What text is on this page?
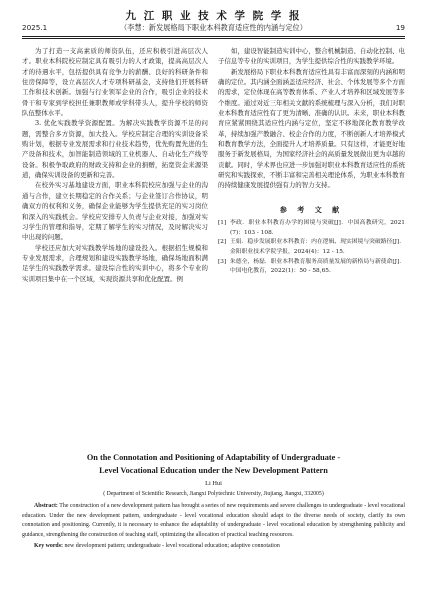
九 江 职 业 技 术 学 院 学 报
2025.1	（李慧：新发展格局下职业本科教育适应性的内涵与定位）	19

为了打造一支高素质的师资队伍，还应积极引进高层次人才。职业本科院校应制定具有吸引力的人才政策，提高高层次人才的待遇水平，包括提供具有竞争力的薪酬、良好的科研条件和住房保障等，设立高层次人才专项科研基金，支持他们开展科研工作和技术创新。加强与行业领军企业的合作，吸引企业的技术骨干和专家到学校担任兼职教师或学科带头人，提升学校的师资队伍整体水平。

3. 优化实践教学资源配置。为解决实践教学资源不足的问题，需整合多方资源，加大投入。学校应制定合理的实训设备采购计划，根据专业发展需求和行业技术趋势，优先购置先进的生产设备和技术，加智能制造领域的工业机器人、自动化生产线等设备。积极争取政府的财政支持和企业的捐赠，拓宽资金来源渠道，确保实训设备的更新和完善。

在校外实习基地建设方面，职业本科院校应加强与企业的沟通与合作，建立长期稳定的合作关系；与企业签订合作协议，明确双方的权利和义务，确保企业能够为学生提供充足的实习岗位和深入的实践机会。学校应安排专人负责与企业对接，加强对实习学生的管理和指导，定期了解学生的实习情况，及时解决实习中出现的问题。

学校还应加大对实践教学场地的建设投入。根据招生规模和专业发展需求，合理规划和建设实践教学场地，确保场地面积满足学生的实践教学需求。建设综合性的实训中心，将多个专业的实训项目集中在一个区域，实现资源共享和优化配置。例

如，建设智能制造实训中心，整合机械制造、自动化控制、电子信息等专业的实训项目，为学生提供综合性的实践教学环境。

新发展格局下职业本科教育适应性具有丰富而深刻的内涵和明确的定位。其内涵全面涵盖适应经济、社会、个体发展等多个方面的需求，定位体现在高等教育体系、产业人才培养和区域发展等多个维度。通过对近三年相关文献的系统梳理与深入分析，我们对职业本科教育适应性有了更为清晰、准确的认识。未来，职业本科教育应紧紧围绕其适应性内涵与定位，坚定不移地深化教育教学改革，持续加强产教融合、校企合作的力度，不断创新人才培养模式和教育教学方法，全面提升人才培养质量。只有这样，才能更好地服务于新发展格局，为国家经济社会的高质量发展做出更为卓越的贡献。同时，学术界也应进一步加强对职业本科教育适应性的系统研究和实践探索，不断丰富和完善相关理论体系，为职业本科教育的持续健康发展提供强有力的智力支持。

参 考 文 献

[1] 李政．职业本科教育办学的困境与突破[J]．中国高教研究，2021(7)：103 - 108.

[2] 王娟．稳步发展职业本科教育：内在逻辑、现实困境与突破路径[J]．金阳职业技术学院学报，2024(4)：12 - 15.

[3] 朱德全，杨磊．职业本科教育服务高质量发展的新格局与新使命[J]．中国电化教育，2022(1)：50 - 58,65.

On the Connotation and Positioning of Adaptability of Undergraduate -
Level Vocational Education under the New Development Pattern
Li Hui
( Department of Scientific Research, Jiangxi Polytechnic University, Jiujiang, Jiangxi, 332005)
Abstract: The construction of a new development pattern has brought a series of new requirements and severe challenges to undergraduate - level vocational education. Under the new development pattern, undergraduate - level vocational education should adapt to the diverse needs of society, clarify its own connotation and positioning. Currently, it is necessary to enhance the adaptability of undergraduate - level vocational education by strengthening publicity and guidance, strengthening the construction of teaching staff, optimizing the allocation of practical teaching resources.
Key words: new development pattern; undergraduate - level vocational education; adaptive connotation
